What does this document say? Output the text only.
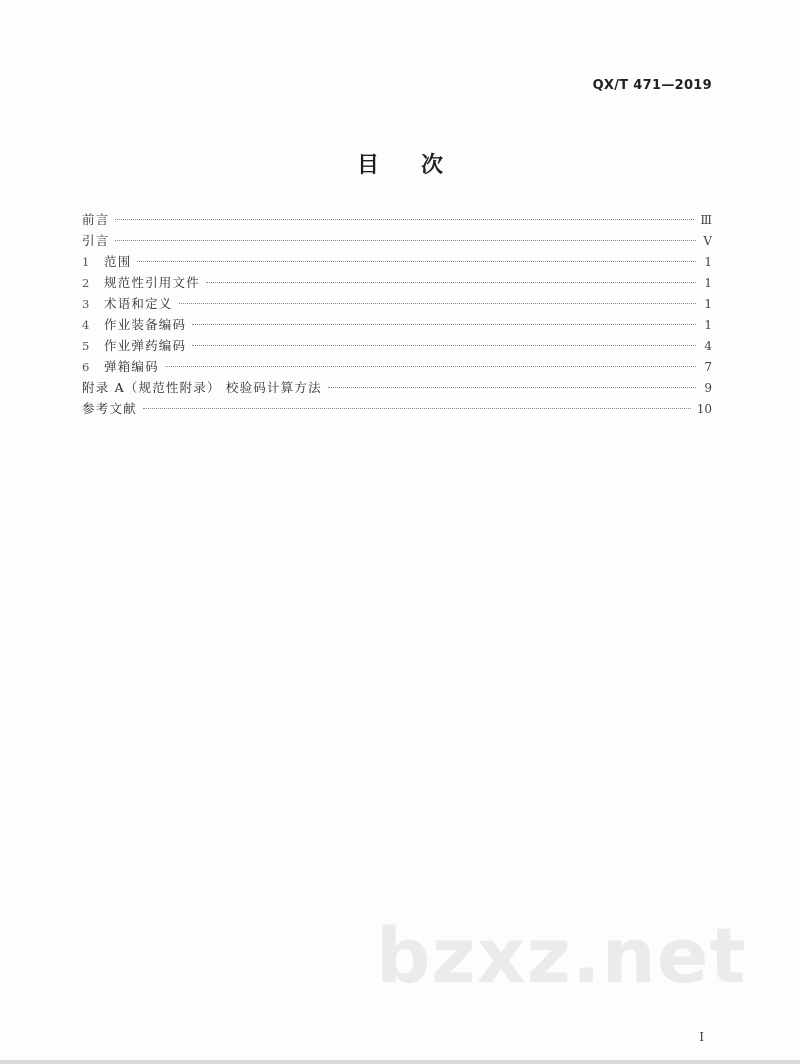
QX/T 471—2019
目次
前言	Ⅲ
引言	Ⅴ
1	范围	1
2	规范性引用文件	1
3	术语和定义	1
4	作业装备编码	1
5	作业弹药编码	4
6	弹箱编码	7
附录 A（规范性附录） 校验码计算方法	9
参考文献	10
bzxz.net
I
